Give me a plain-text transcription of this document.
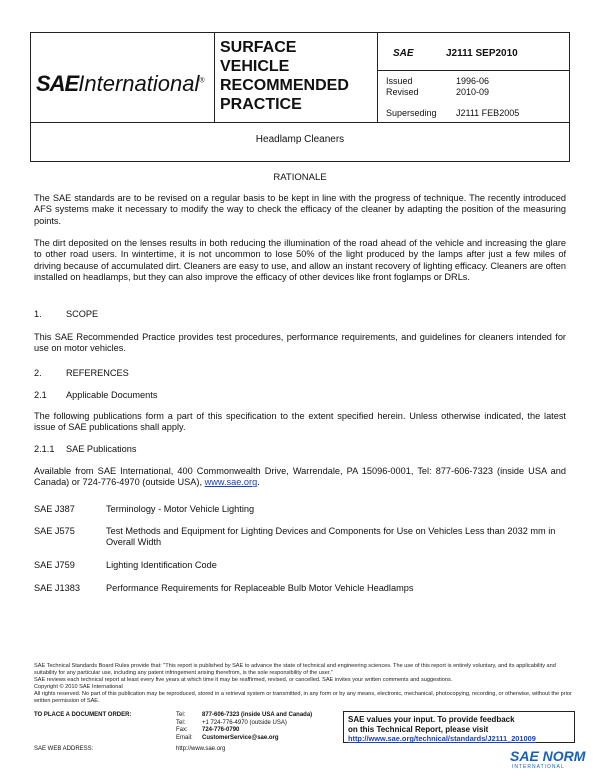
SAEInternational®
SURFACE
VEHICLE
RECOMMENDED
PRACTICE
SAE	J2111 SEP2010
Issued	1996-06
Revised	2010-09
Superseding J2111 FEB2005
Headlamp Cleaners
RATIONALE
The SAE standards are to be revised on a regular basis to be kept in line with the progress of technique. The recently introduced AFS systems make it necessary to modify the way to check the efficacy of the cleaner by adapting the position of the measuring points.
The dirt deposited on the lenses results in both reducing the illumination of the road ahead of the vehicle and increasing the glare to other road users. In wintertime, it is not uncommon to lose 50% of the light produced by the lamps after just a few miles of driving because of accumulated dirt. Cleaners are easy to use, and allow an instant recovery of lighting efficacy. Cleaners are often installed on headlamps, but they can also improve the efficacy of other devices like front foglamps or DRLs.
1.	SCOPE
This SAE Recommended Practice provides test procedures, performance requirements, and guidelines for cleaners intended for use on motor vehicles.
2.	REFERENCES
2.1 Applicable Documents
The following publications form a part of this specification to the extent specified herein. Unless otherwise indicated, the latest issue of SAE publications shall apply.
2.1.1 SAE Publications
Available from SAE International, 400 Commonwealth Drive, Warrendale, PA 15096-0001, Tel: 877-606-7323 (inside USA and Canada) or 724-776-4970 (outside USA), www.sae.org.
SAE J387	Terminology - Motor Vehicle Lighting
SAE J575	Test Methods and Equipment for Lighting Devices and Components for Use on Vehicles Less than 2032 mm in Overall Width
SAE J759	Lighting Identification Code
SAE J1383	Performance Requirements for Replaceable Bulb Motor Vehicle Headlamps
SAE Technical Standards Board Rules provide that: "This report is published by SAE to advance the state of technical and engineering sciences. The use of this report is entirely voluntary, and its applicability and suitability for any particular use, including any patent infringement arising therefrom, is the sole responsibility of the user."
SAE reviews each technical report at least every five years at which time it may be reaffirmed, revised, or cancelled. SAE invites your written comments and suggestions.
Copyright © 2010 SAE International
All rights reserved. No part of this publication may be reproduced, stored in a retrieval system or transmitted, in any form or by any means, electronic, mechanical, photocopying, recording, or otherwise, without the prior written permission of SAE.
TO PLACE A DOCUMENT ORDER:	Tel:	877-606-7323 (inside USA and Canada)
Tel:	+1 724-776-4970 (outside USA)
Fax: 724-776-0790
Email: CustomerService@sae.org
SAE WEB ADDRESS:	http://www.sae.org
SAE values your input. To provide feedback
on this Technical Report, please visit
http://www.sae.org/technical/standards/J2111_201009
SAE NORM
INTERNATIONAL
